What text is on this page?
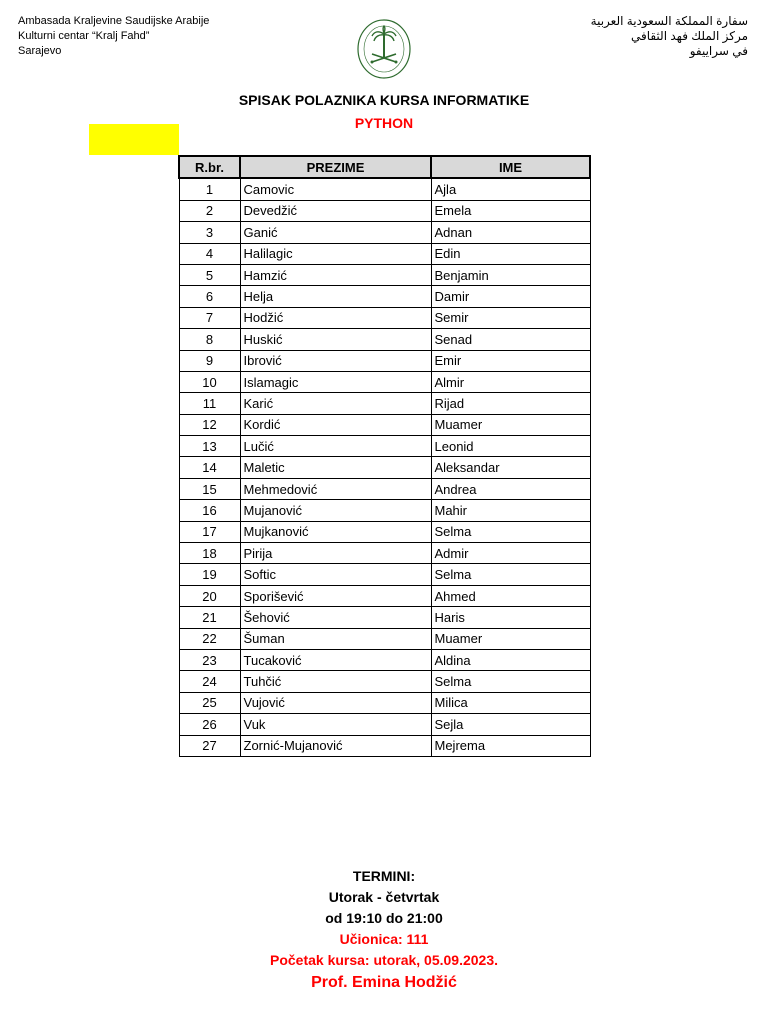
Ambasada Kraljevine Saudijske Arabije
Kulturni centar “Kralj Fahd”
Sarajevo
سفارة المملكة السعودية العربية
مركز الملك فهد الثقافي
في سراييفو
SPISAK POLAZNIKA KURSA INFORMATIKE
PYTHON
R.br.	PREZIME	IME
1	Camovic	Ajla
2	Devedžić	Emela
3	Ganić	Adnan
4	Halilagic	Edin
5	Hamzić	Benjamin
6	Helja	Damir
7	Hodžić	Semir
8	Huskić	Senad
9	Ibrović	Emir
10	Islamagic	Almir
11	Karić	Rijad
12	Kordić	Muamer
13	Lučić	Leonid
14	Maletic	Aleksandar
15	Mehmedović	Andrea
16	Mujanović	Mahir
17	Mujkanović	Selma
18	Pirija	Admir
19	Softic	Selma
20	Sporišević	Ahmed
21	Šehović	Haris
22	Šuman	Muamer
23	Tucaković	Aldina
24	Tuhčić	Selma
25	Vujović	Milica
26	Vuk	Sejla
27	Zornić-Mujanović	Mejrema
TERMINI:
Utorak - četvrtak
od 19:10 do 21:00
Učionica: 111
Početak kursa: utorak, 05.09.2023.
Prof. Emina Hodžić
